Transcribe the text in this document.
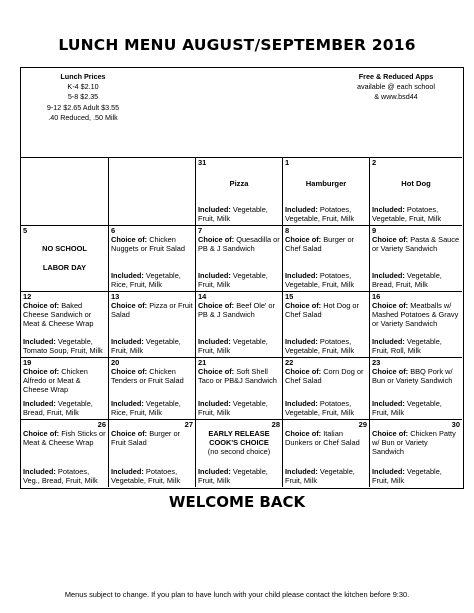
LUNCH MENU AUGUST/SEPTEMBER 2016
Lunch Prices
K-4 $2.10
5-8 $2.35
9-12 $2.65 Adult $3.55
.40 Reduced, .50 Milk
Free & Reduced Apps
available @ each school
& www.bsd44
31
Pizza
Included: Vegetable, Fruit, Milk
1
Hamburger
Included: Potatoes, Vegetable, Fruit, Milk
2
Hot Dog
Included: Potatoes, Vegetable, Fruit, Milk
5
NO SCHOOL
LABOR DAY
6
Choice of: Chicken Nuggets or Fruit Salad
Included: Vegetable, Rice, Fruit, Milk
7
Choice of: Quesadilla or PB & J Sandwich
Included: Vegetable, Fruit, Milk
8
Choice of: Burger or Chef Salad
Included: Potatoes, Vegetable, Fruit, Milk
9
Choice of: Pasta & Sauce or Variety Sandwich
Included: Vegetable, Bread, Fruit, Milk
12
Choice of: Baked Cheese Sandwich or Meat & Cheese Wrap
Included: Vegetable, Tomato Soup, Fruit, Milk
13
Choice of: Pizza or Fruit Salad
Included: Vegetable, Fruit, Milk
14
Choice of: Beef Ole' or PB & J Sandwich
Included: Vegetable, Fruit, Milk
15
Choice of: Hot Dog or Chef Salad
Included: Potatoes, Vegetable, Fruit, Milk
16
Choice of: Meatballs w/ Mashed Potatoes & Gravy or Variety Sandwich
Included: Vegetable, Fruit, Roll, Milk
19
Choice of: Chicken Alfredo or Meat & Cheese Wrap
Included: Vegetable, Bread, Fruit, Milk
20
Choice of: Chicken Tenders or Fruit Salad
Included: Vegetable, Rice, Fruit, Milk
21
Choice of: Soft Shell Taco or PB&J Sandwich
Included: Vegetable, Fruit, Milk
22
Choice of: Corn Dog or Chef Salad
Included: Potatoes, Vegetable, Fruit, Milk
23
Choice of: BBQ Pork w/ Bun or Variety Sandwich
Included: Vegetable, Fruit, Milk
26
Choice of: Fish Sticks or Meat & Cheese Wrap
Included: Potatoes, Veg., Bread, Fruit, Milk
27
Choice of: Burger or Fruit Salad
Included: Potatoes, Vegetable, Fruit, Milk
28
EARLY RELEASE
COOK'S CHOICE
(no second choice)
Included: Vegetable, Fruit, Milk
29
Choice of: Italian Dunkers or Chef Salad
Included: Vegetable, Fruit, Milk
30
Choice of: Chicken Patty w/ Bun or Variety Sandwich
Included: Vegetable, Fruit, Milk
WELCOME BACK
Menus subject to change. If you plan to have lunch with your child please contact the kitchen before 9:30.
